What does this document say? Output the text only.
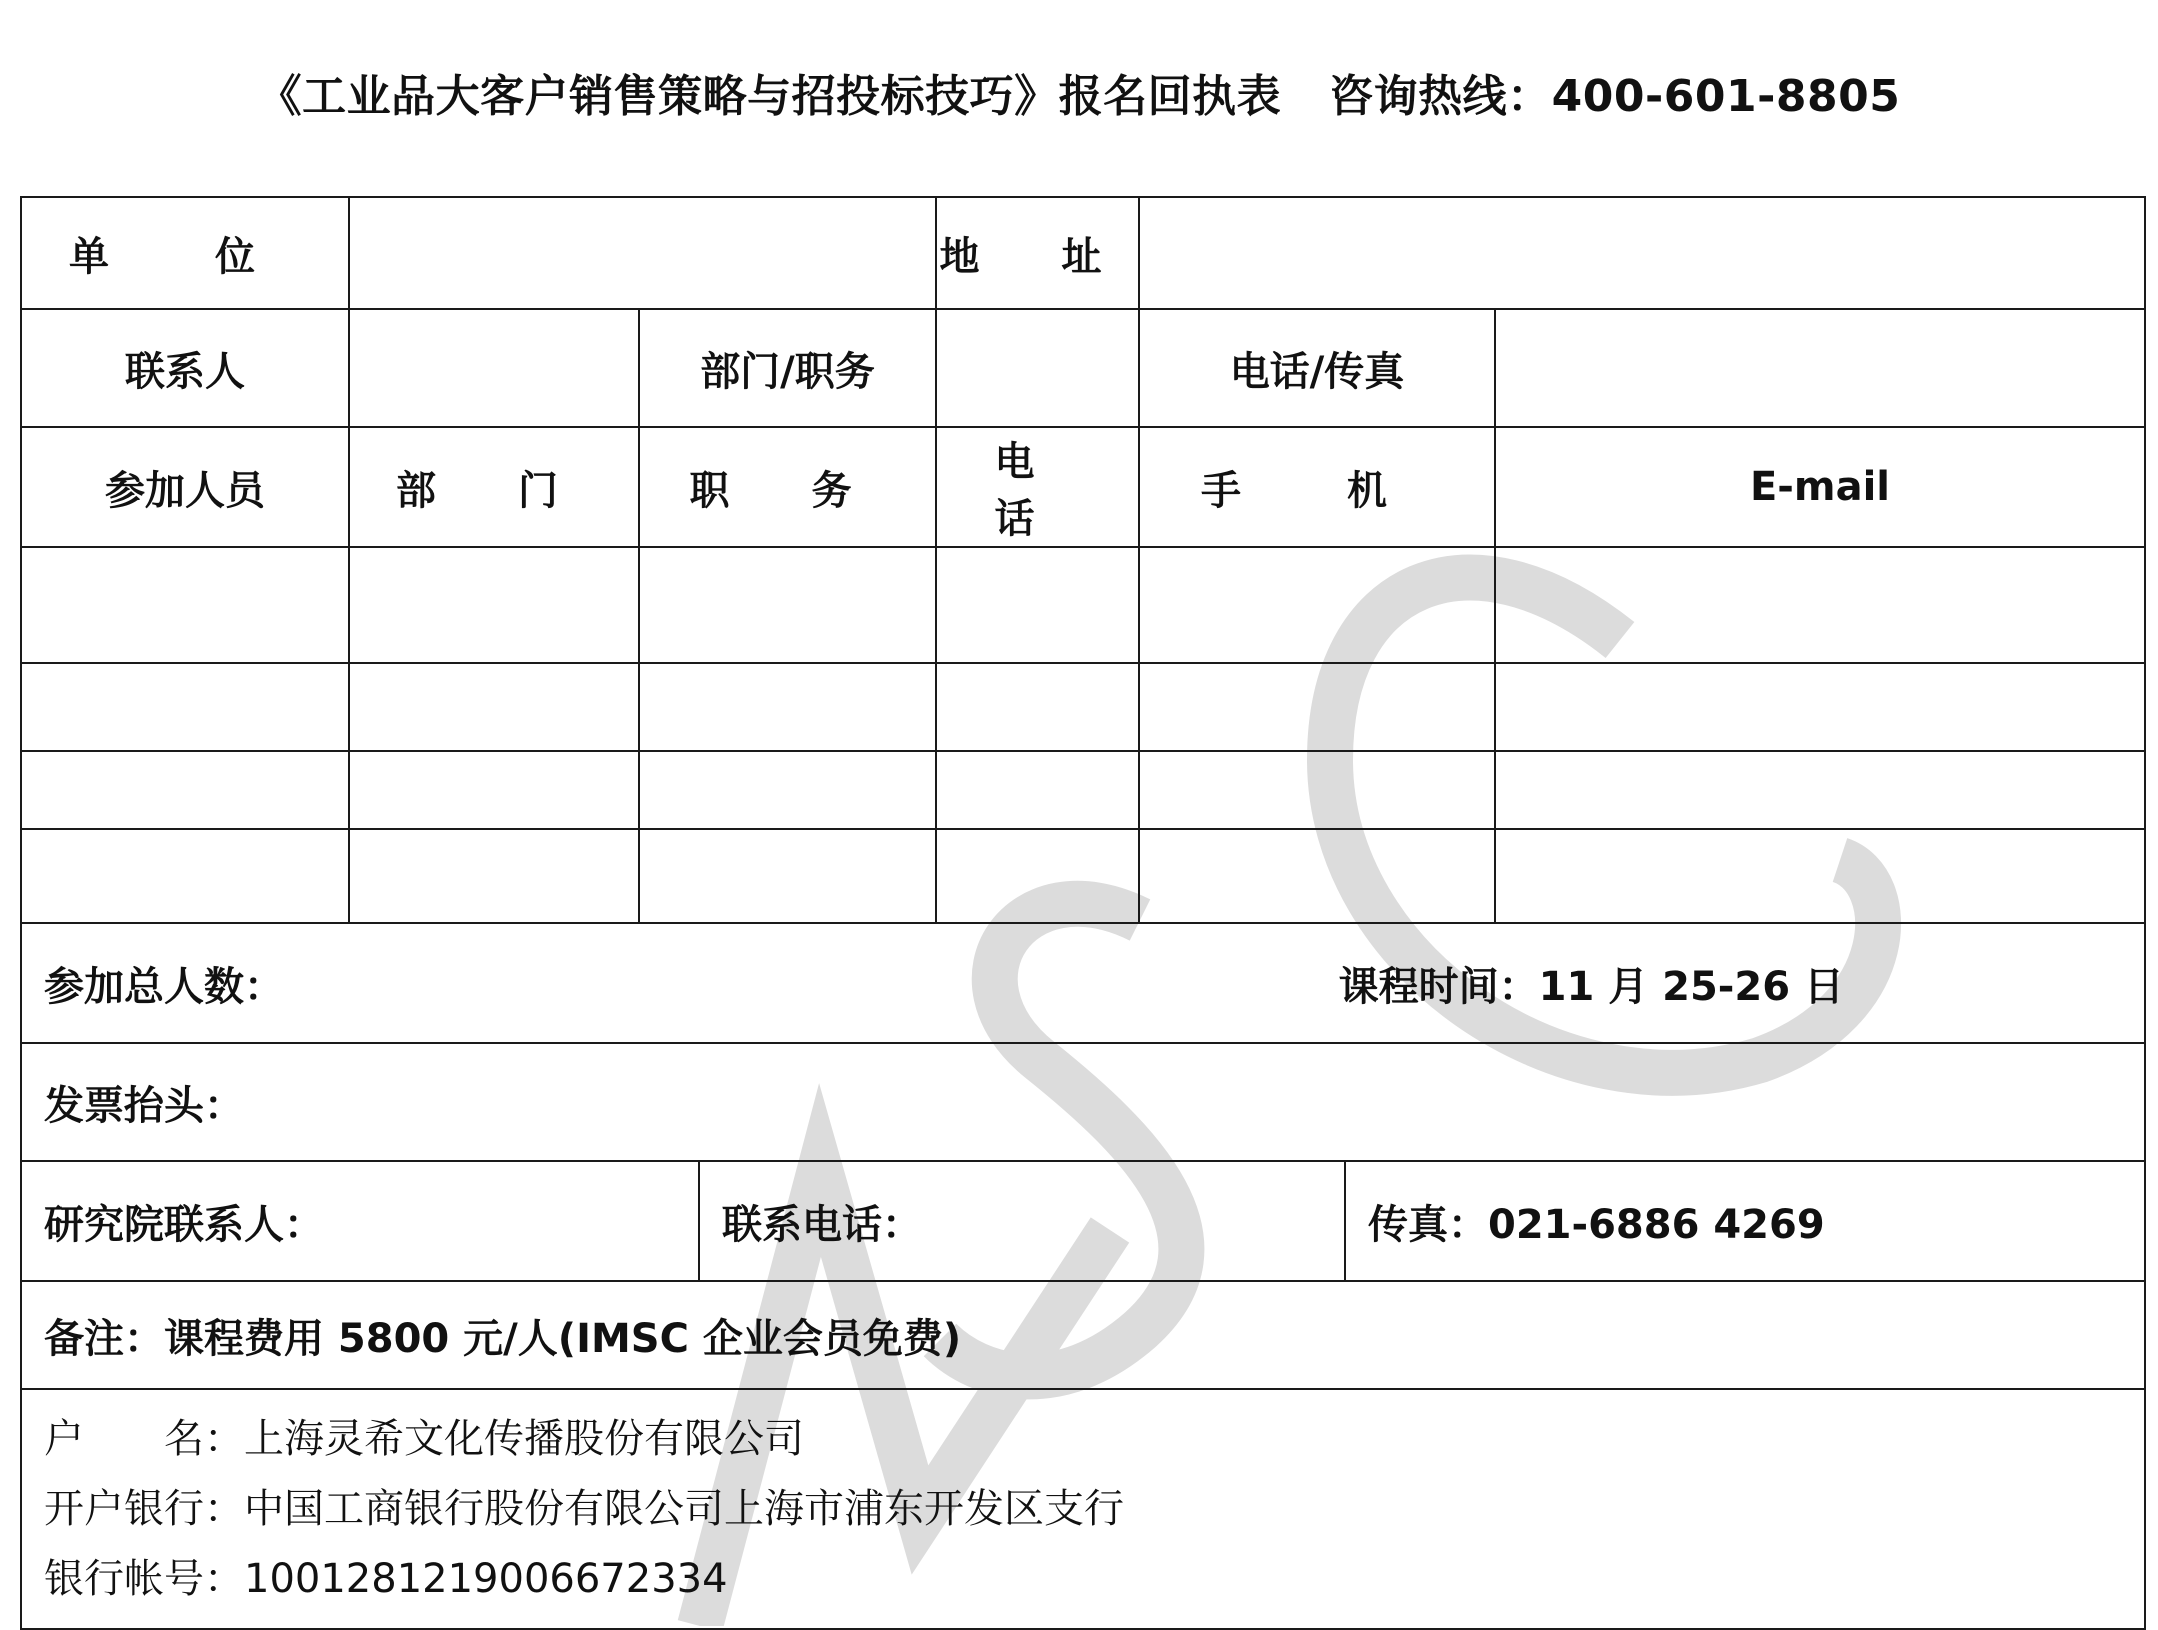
《工业品大客户销售策略与招投标技巧》报名回执表 咨询热线：400-601-8805
单 位			地 址		
联系人		部门/职务		电话/传真	
参加人员	部 门	职 务	电 话	手 机	E-mail

参加总人数： 课程时间：11 月 25-26 日					

发票抬头：					

研究院联系人： 联系电话： 传真：021-6886 4269					

备注：课程费用 5800 元/人(IMSC 企业会员免费)					

户　　名：上海灵希文化传播股份有限公司
开户银行：中国工商银行股份有限公司上海市浦东开发区支行
银行帐号：1001281219006672334					
